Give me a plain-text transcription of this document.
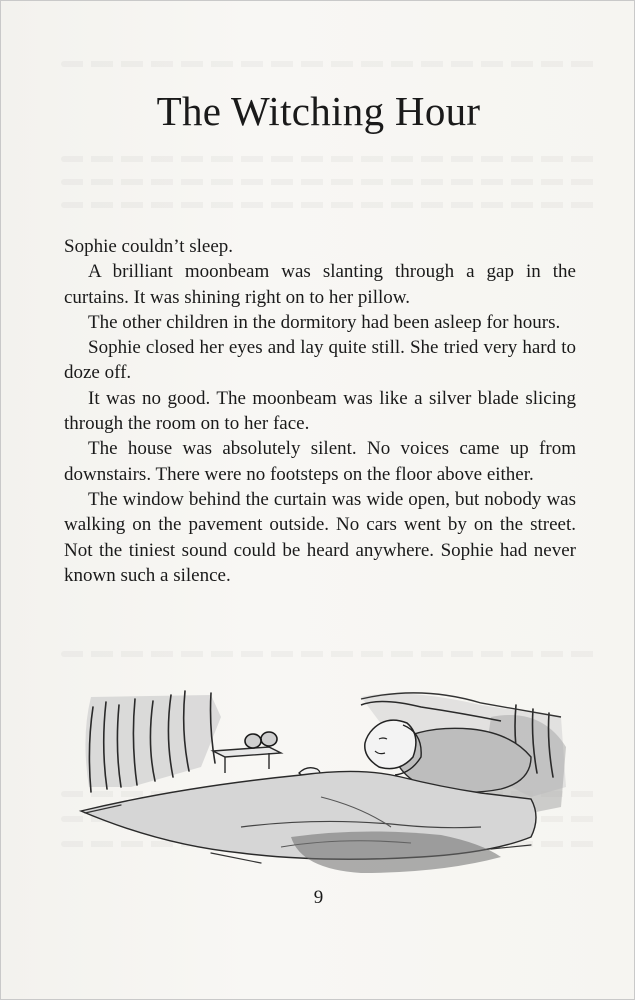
The Witching Hour

Sophie couldn’t sleep.

A brilliant moonbeam was slanting through a gap in the curtains. It was shining right on to her pillow.

The other children in the dormitory had been asleep for hours.

Sophie closed her eyes and lay quite still. She tried very hard to doze off.

It was no good. The moonbeam was like a silver blade slicing through the room on to her face.

The house was absolutely silent. No voices came up from downstairs. There were no footsteps on the floor above either.

The window behind the curtain was wide open, but nobody was walking on the pavement outside. No cars went by on the street. Not the tiniest sound could be heard anywhere. Sophie had never known such a silence.

9
